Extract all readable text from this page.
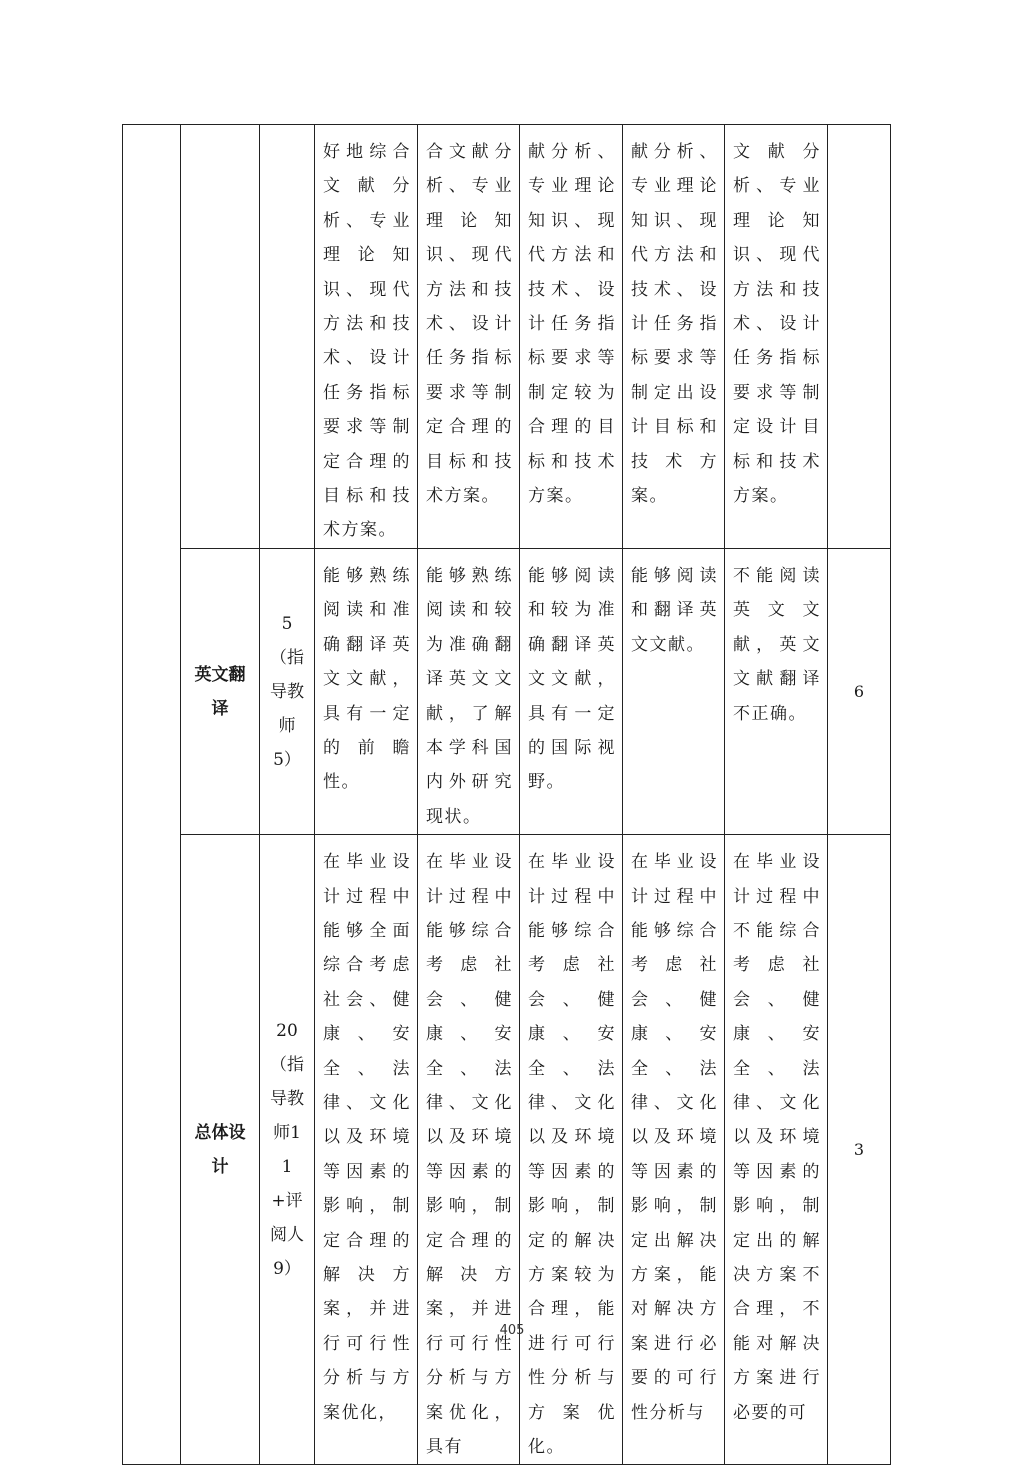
			好地综合文献分析、专业理论知识、现代方法和技术、设计任务指标要求等制定合理的目标和技术方案。	合文献分析、专业理论知识、现代方法和技术、设计任务指标要求等制定合理的目标和技术方案。	献分析、专业理论知识、现代方法和技术、设计任务指标要求等制定较为合理的目标和技术方案。	献分析、专业理论知识、现代方法和技术、设计任务指标要求等制定出设计目标和技术方案。	文献分析、专业理论知识、现代方法和技术、设计任务指标要求等制定设计目标和技术方案。	
	英文翻译	5（指导教师5）	能够熟练阅读和准确翻译英文文献，具有一定的前瞻性。	能够熟练阅读和较为准确翻译英文文献，了解本学科国内外研究现状。	能够阅读和较为准确翻译英文文献，具有一定的国际视野。	能够阅读和翻译英文文献。	不能阅读英文文献，英文文献翻译不正确。	6
	总体设计	20（指导教师11+评阅人9）	在毕业设计过程中能够全面综合考虑社会、健康、安全、法律、文化以及环境等因素的影响，制定合理的解决方案，并进行可行性分析与方案优化，	在毕业设计过程中能够综合考虑社会、健康、安全、法律、文化以及环境等因素的影响，制定合理的解决方案，并进行可行性分析与方案优化，具有	在毕业设计过程中能够综合考虑社会、健康、安全、法律、文化以及环境等因素的影响，制定的解决方案较为合理，能进行可行性分析与方案优化。	在毕业设计过程中能够综合考虑社会、健康、安全、法律、文化以及环境等因素的影响，制定出解决方案，能对解决方案进行必要的可行性分析与	在毕业设计过程中不能综合考虑社会、健康、安全、法律、文化以及环境等因素的影响，制定出的解决方案不合理，不能对解决方案进行必要的可	3
405
